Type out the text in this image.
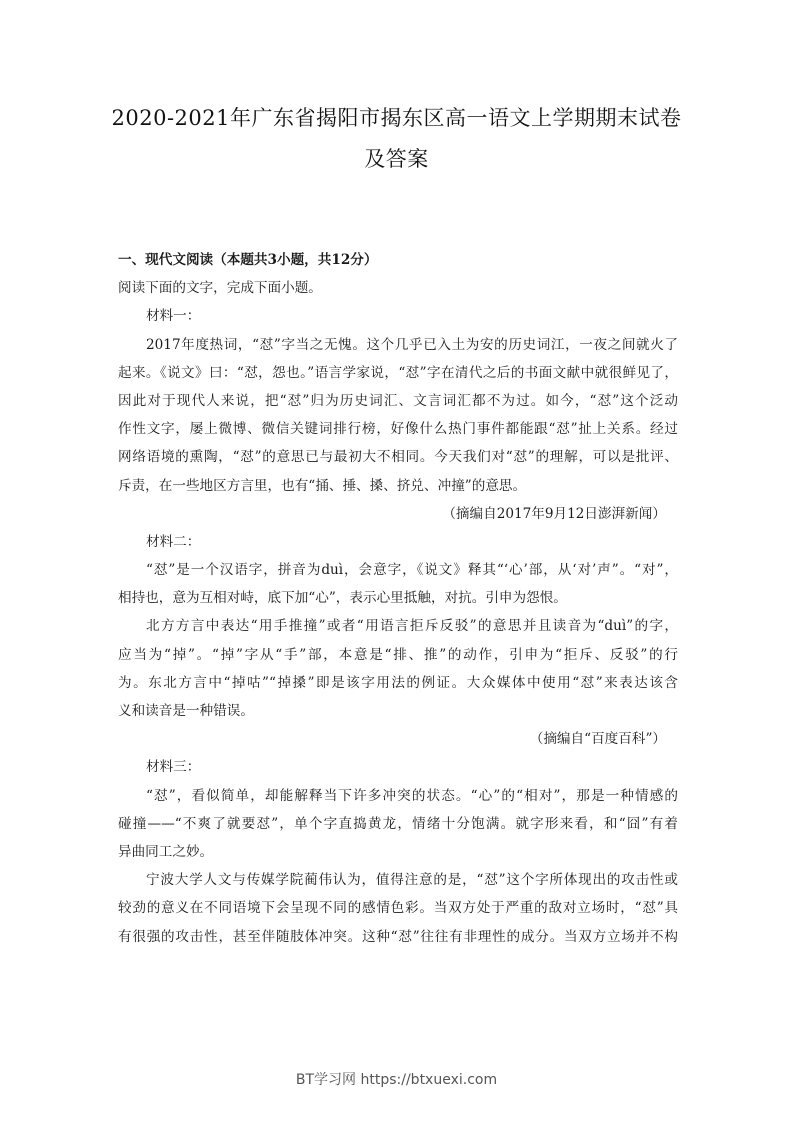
2020-2021年广东省揭阳市揭东区高一语文上学期期末试卷
及答案
一、现代文阅读（本题共3小题，共12分）
阅读下面的文字，完成下面小题。
材料一：
2017年度热词，“怼”字当之无愧。这个几乎已入土为安的历史词江，一夜之间就火了
起来。《说文》曰：“怼，怨也。”语言学家说，“怼”字在清代之后的书面文献中就很鲜见了，
因此对于现代人来说，把“怼”归为历史词汇、文言词汇都不为过。如今，“怼”这个泛动
作性文字，屡上微博、微信关键词排行榜，好像什么热门事件都能跟“怼”扯上关系。经过
网络语境的熏陶，“怼”的意思已与最初大不相同。今天我们对“怼”的理解，可以是批评、
斥责，在一些地区方言里，也有“捅、捶、搡、挤兑、冲撞”的意思。
（摘编自2017年9月12日澎湃新闻）
材料二：
“怼”是一个汉语字，拼音为duì，会意字，《说文》释其“‘心’部，从‘对’声”。“对”，
相持也，意为互相对峙，底下加“心”，表示心里抵触，对抗。引申为怨恨。
北方方言中表达“用手推撞”或者“用语言拒斥反驳”的意思并且读音为“duì”的字，
应当为“掉”。“掉”字从“手”部，本意是“排、推”的动作，引申为“拒斥、反驳”的行
为。东北方言中“掉咕”“掉搡”即是该字用法的例证。大众媒体中使用“怼”来表达该含
义和读音是一种错误。
（摘编自“百度百科”）
材料三：
“怼”，看似简单，却能解释当下许多冲突的状态。“心”的“相对”，那是一种情感的
碰撞——“不爽了就要怼”，单个字直捣黄龙，情绪十分饱满。就字形来看，和“囧”有着
异曲同工之妙。
宁波大学人文与传媒学院蔺伟认为，值得注意的是，“怼”这个字所体现出的攻击性或
较劲的意义在不同语境下会呈现不同的感情色彩。当双方处于严重的敌对立场时，“怼”具
有很强的攻击性，甚至伴随肢体冲突。这种“怼”往往有非理性的成分。当双方立场并不构
BT学习网 https://btxuexi.com
